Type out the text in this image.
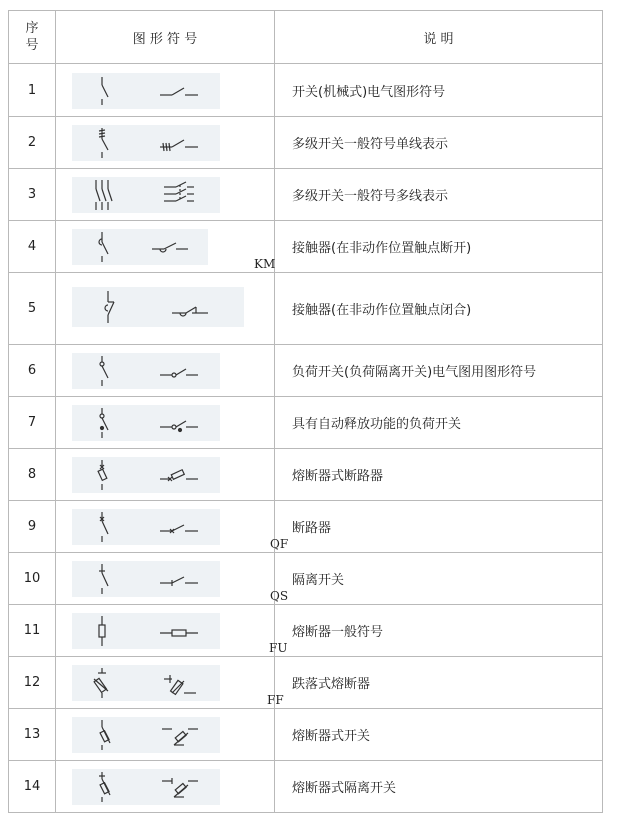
序
号	图 形 符 号	说 明
1		开关(机械式)电气图形符号
2		多级开关一般符号单线表示
3		多级开关一般符号多线表示
4	KM	接触器(在非动作位置触点断开)
5		接触器(在非动作位置触点闭合)
6		负荷开关(负荷隔离开关)电气图用图形符号
7		具有自动释放功能的负荷开关
8		熔断器式断路器
9	QF	断路器
10	QS	隔离开关
11	FU	熔断器一般符号
12	FF	跌落式熔断器
13		熔断器式开关
14		熔断器式隔离开关
